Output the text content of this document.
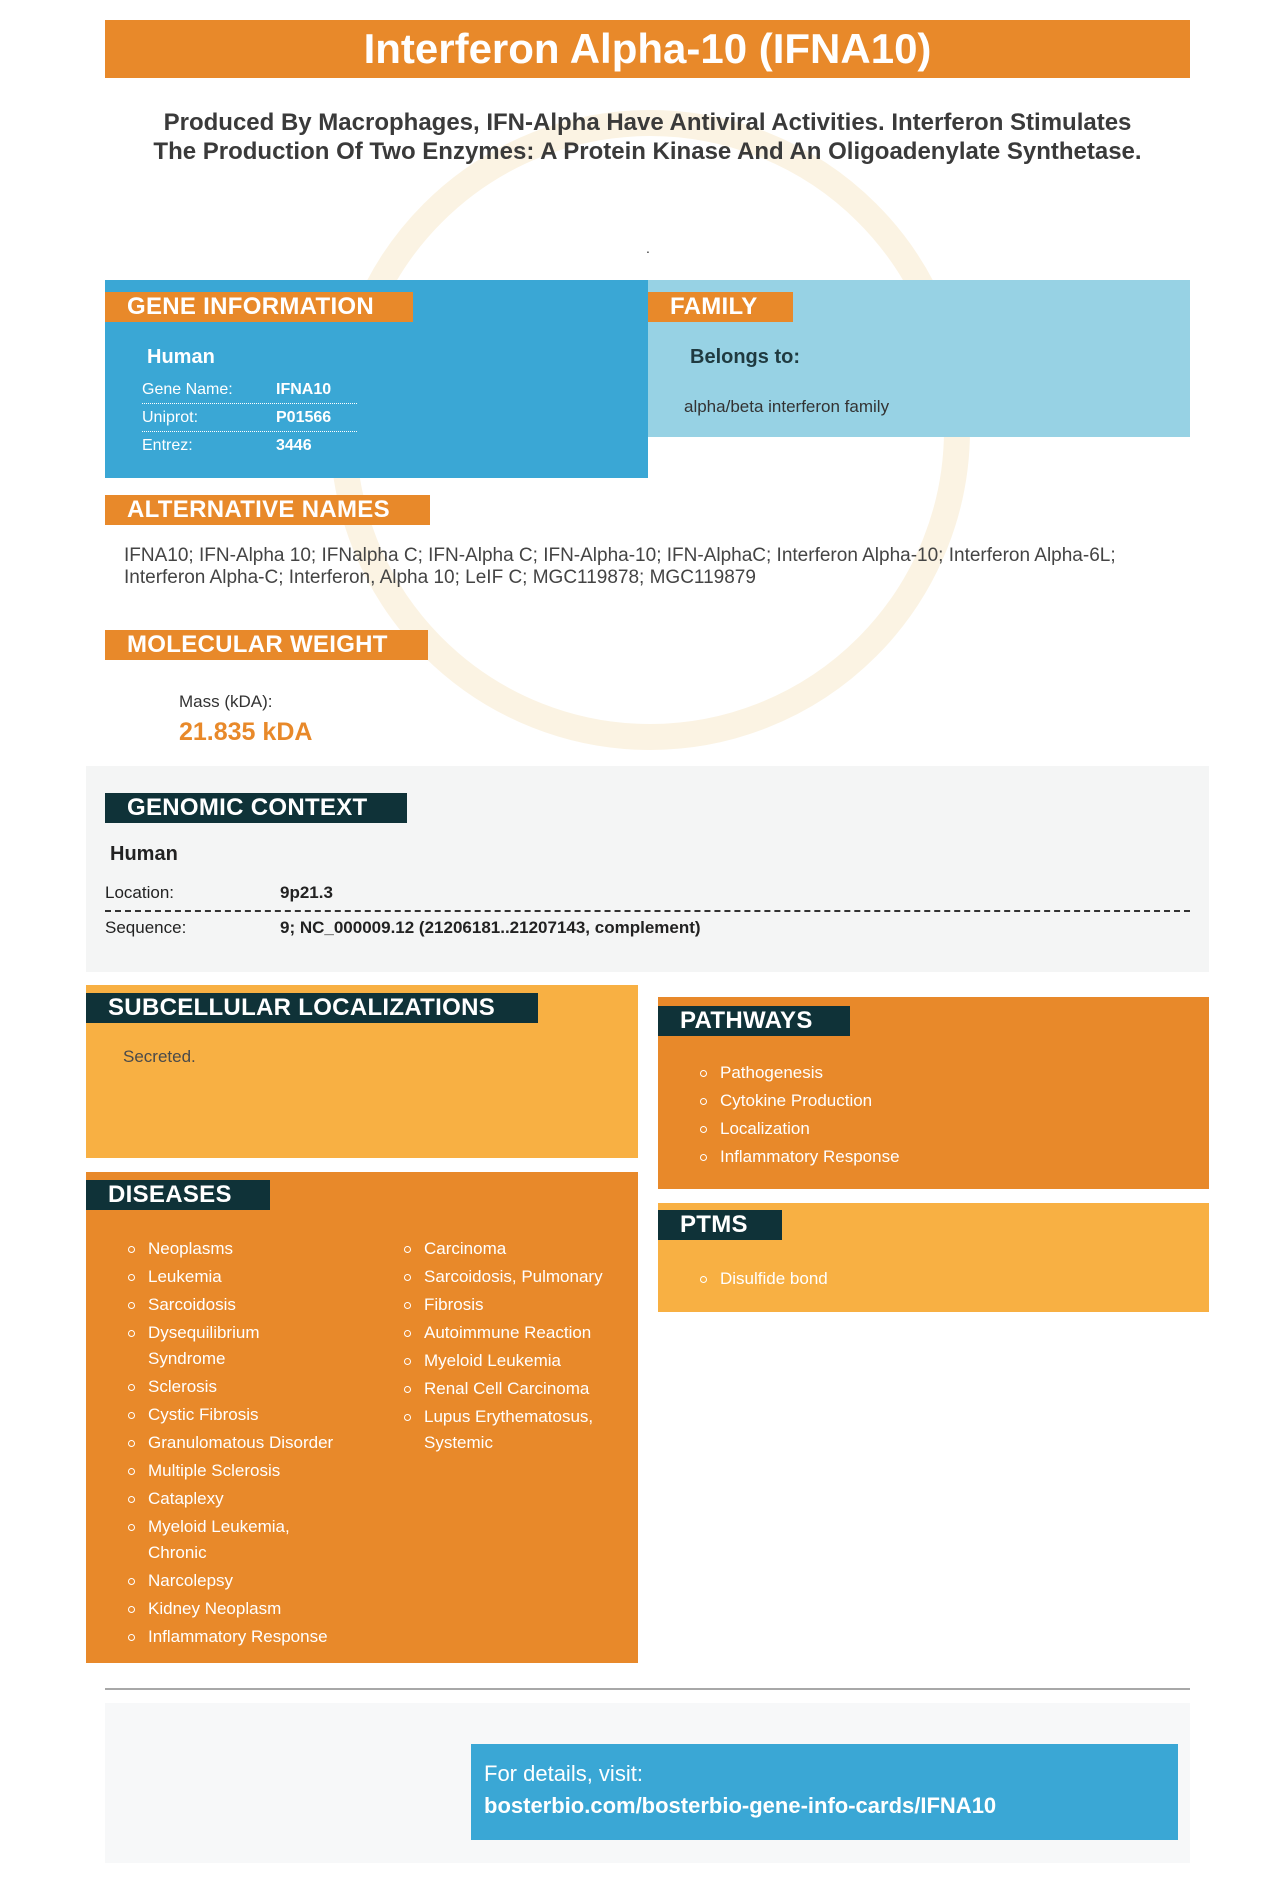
Interferon Alpha-10 (IFNA10)
Produced By Macrophages, IFN-Alpha Have Antiviral Activities. Interferon Stimulates The Production Of Two Enzymes: A Protein Kinase And An Oligoadenylate Synthetase.
.
GENE INFORMATION
Human
Gene Name:	IFNA10
Uniprot:	P01566
Entrez:	3446
FAMILY
Belongs to:
alpha/beta interferon family
ALTERNATIVE NAMES
IFNA10; IFN-Alpha 10; IFNalpha C; IFN-Alpha C; IFN-Alpha-10; IFN-AlphaC; Interferon Alpha-10; Interferon Alpha-6L; Interferon Alpha-C; Interferon, Alpha 10; LeIF C; MGC119878; MGC119879
MOLECULAR WEIGHT
Mass (kDA):
21.835 kDA
GENOMIC CONTEXT
Human
Location:	9p21.3
Sequence:	9; NC_000009.12 (21206181..21207143, complement)
SUBCELLULAR LOCALIZATIONS
Secreted.
PATHWAYS
Pathogenesis
Cytokine Production
Localization
Inflammatory Response
PTMS
Disulfide bond
DISEASES
Neoplasms
Leukemia
Sarcoidosis
Dysequilibrium Syndrome
Sclerosis
Cystic Fibrosis
Granulomatous Disorder
Multiple Sclerosis
Cataplexy
Myeloid Leukemia, Chronic
Narcolepsy
Kidney Neoplasm
Inflammatory Response
Carcinoma
Sarcoidosis, Pulmonary
Fibrosis
Autoimmune Reaction
Myeloid Leukemia
Renal Cell Carcinoma
Lupus Erythematosus, Systemic
For details, visit:
bosterbio.com/bosterbio-gene-info-cards/IFNA10
